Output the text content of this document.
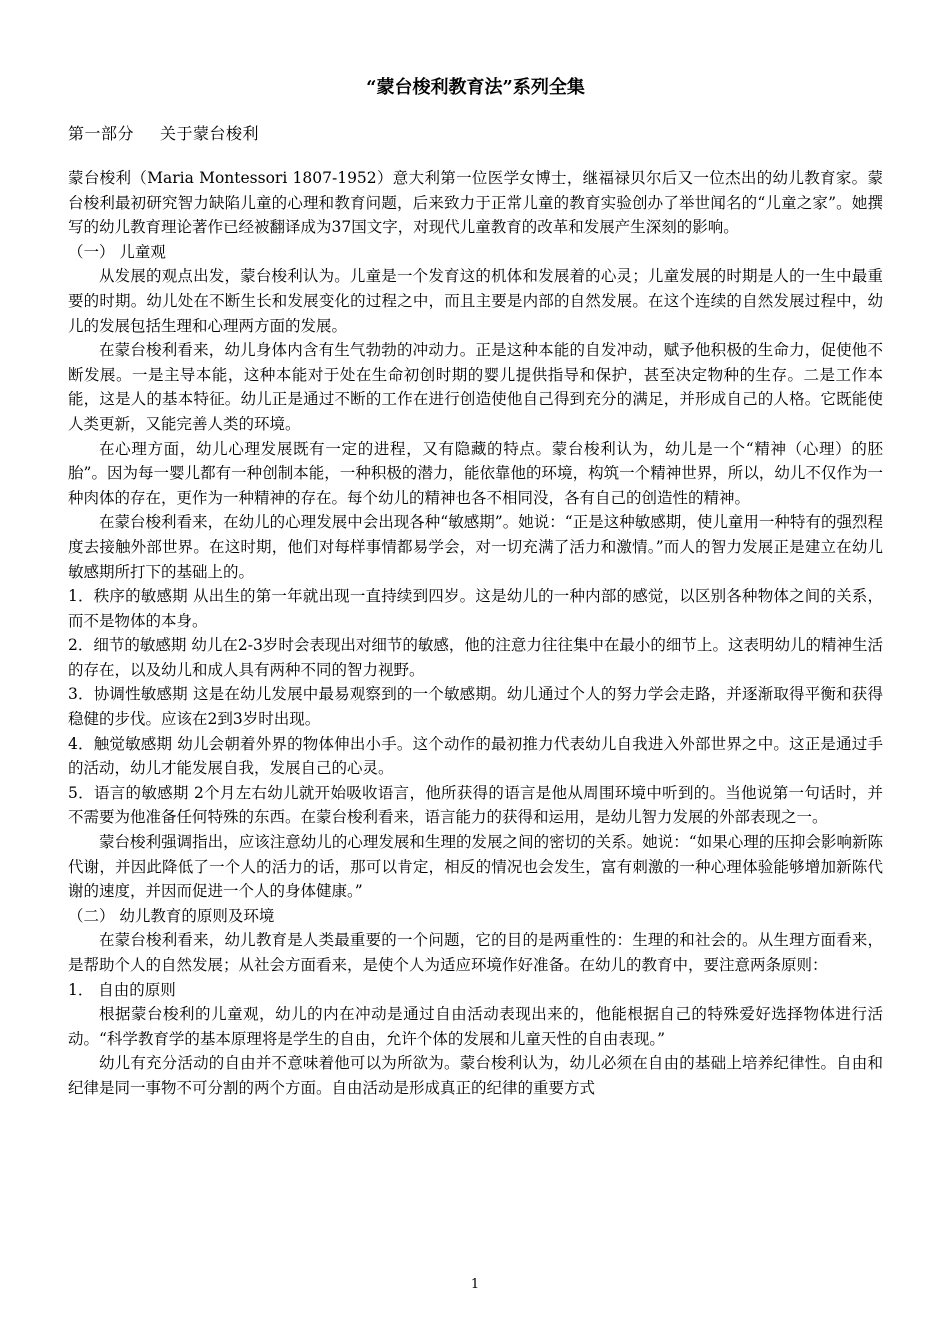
“蒙台梭利教育法”系列全集
第一部分 关于蒙台梭利

蒙台梭利（Maria Montessori 1807-1952）意大利第一位医学女博士，继福禄贝尔后又一位杰出的幼儿教育家。蒙台梭利最初研究智力缺陷儿童的心理和教育问题，后来致力于正常儿童的教育实验创办了举世闻名的“儿童之家”。她撰写的幼儿教育理论著作已经被翻译成为37国文字，对现代儿童教育的改革和发展产生深刻的影响。

（一） 儿童观

从发展的观点出发，蒙台梭利认为。儿童是一个发育这的机体和发展着的心灵；儿童发展的时期是人的一生中最重要的时期。幼儿处在不断生长和发展变化的过程之中，而且主要是内部的自然发展。在这个连续的自然发展过程中，幼儿的发展包括生理和心理两方面的发展。

在蒙台梭利看来，幼儿身体内含有生气勃勃的冲动力。正是这种本能的自发冲动，赋予他积极的生命力，促使他不断发展。一是主导本能，这种本能对于处在生命初创时期的婴儿提供指导和保护，甚至决定物种的生存。二是工作本能，这是人的基本特征。幼儿正是通过不断的工作在进行创造使他自己得到充分的满足，并形成自己的人格。它既能使人类更新，又能完善人类的环境。

在心理方面，幼儿心理发展既有一定的进程，又有隐藏的特点。蒙台梭利认为，幼儿是一个“精神（心理）的胚胎”。因为每一婴儿都有一种创制本能，一种积极的潜力，能依靠他的环境，构筑一个精神世界，所以，幼儿不仅作为一种肉体的存在，更作为一种精神的存在。每个幼儿的精神也各不相同没，各有自己的创造性的精神。

在蒙台梭利看来，在幼儿的心理发展中会出现各种“敏感期”。她说：“正是这种敏感期，使儿童用一种特有的强烈程度去接触外部世界。在这时期，他们对每样事情都易学会，对一切充满了活力和激情。”而人的智力发展正是建立在幼儿敏感期所打下的基础上的。

1．秩序的敏感期 从出生的第一年就出现一直持续到四岁。这是幼儿的一种内部的感觉，以区别各种物体之间的关系，而不是物体的本身。

2．细节的敏感期 幼儿在2-3岁时会表现出对细节的敏感，他的注意力往往集中在最小的细节上。这表明幼儿的精神生活的存在，以及幼儿和成人具有两种不同的智力视野。

3．协调性敏感期 这是在幼儿发展中最易观察到的一个敏感期。幼儿通过个人的努力学会走路，并逐渐取得平衡和获得稳健的步伐。应该在2到3岁时出现。

4．触觉敏感期 幼儿会朝着外界的物体伸出小手。这个动作的最初推力代表幼儿自我进入外部世界之中。这正是通过手的活动，幼儿才能发展自我，发展自己的心灵。

5．语言的敏感期 2个月左右幼儿就开始吸收语言，他所获得的语言是他从周围环境中听到的。当他说第一句话时，并不需要为他准备任何特殊的东西。在蒙台梭利看来，语言能力的获得和运用，是幼儿智力发展的外部表现之一。

蒙台梭利强调指出，应该注意幼儿的心理发展和生理的发展之间的密切的关系。她说：“如果心理的压抑会影响新陈代谢，并因此降低了一个人的活力的话，那可以肯定，相反的情况也会发生，富有刺激的一种心理体验能够增加新陈代谢的速度，并因而促进一个人的身体健康。”

（二） 幼儿教育的原则及环境

在蒙台梭利看来，幼儿教育是人类最重要的一个问题，它的目的是两重性的：生理的和社会的。从生理方面看来，是帮助个人的自然发展；从社会方面看来，是使个人为适应环境作好准备。在幼儿的教育中，要注意两条原则：

1． 自由的原则

根据蒙台梭利的儿童观，幼儿的内在冲动是通过自由活动表现出来的，他能根据自己的特殊爱好选择物体进行活动。“科学教育学的基本原理将是学生的自由，允许个体的发展和儿童天性的自由表现。”

幼儿有充分活动的自由并不意味着他可以为所欲为。蒙台梭利认为，幼儿必须在自由的基础上培养纪律性。自由和纪律是同一事物不可分割的两个方面。自由活动是形成真正的纪律的重要方式

1
